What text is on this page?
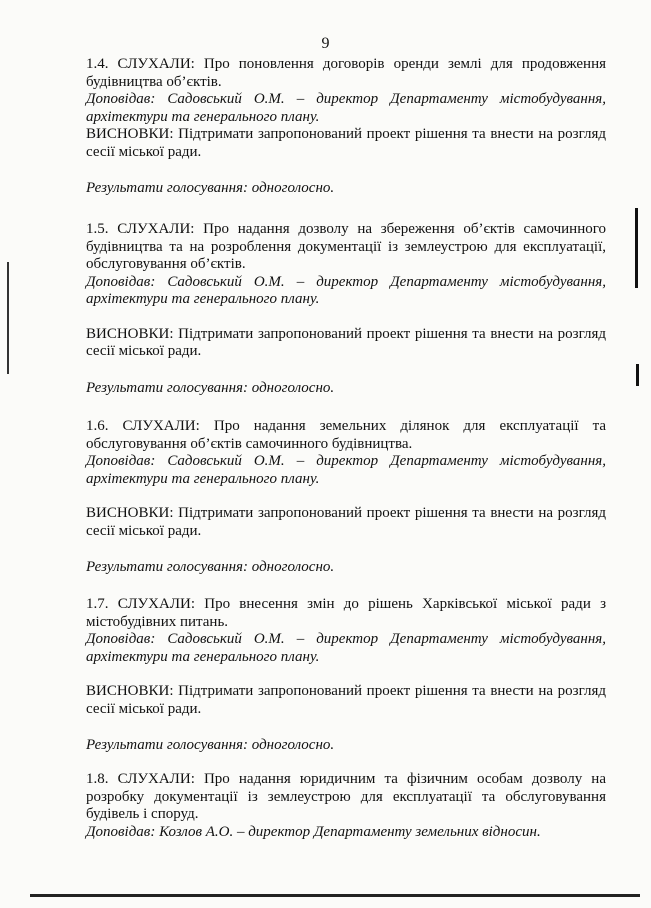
9

1.4. СЛУХАЛИ: Про поновлення договорів оренди землі для продовження будівництва об’єктів.

Доповідав: Садовський О.М. – директор Департаменту містобудування, архітектури та генерального плану.

ВИСНОВКИ: Підтримати запропонований проект рішення та внести на розгляд сесії міської ради.

Результати голосування: одноголосно.

1.5. СЛУХАЛИ: Про надання дозволу на збереження об’єктів самочинного будівництва та на розроблення документації із землеустрою для експлуатації, обслуговування об’єктів.

Доповідав: Садовський О.М. – директор Департаменту містобудування, архітектури та генерального плану.

ВИСНОВКИ: Підтримати запропонований проект рішення та внести на розгляд сесії міської ради.

Результати голосування: одноголосно.

1.6. СЛУХАЛИ: Про надання земельних ділянок для експлуатації та обслуговування об’єктів самочинного будівництва.

Доповідав: Садовський О.М. – директор Департаменту містобудування, архітектури та генерального плану.

ВИСНОВКИ: Підтримати запропонований проект рішення та внести на розгляд сесії міської ради.

Результати голосування: одноголосно.

1.7. СЛУХАЛИ: Про внесення змін до рішень Харківської міської ради з містобудівних питань.

Доповідав: Садовський О.М. – директор Департаменту містобудування, архітектури та генерального плану.

ВИСНОВКИ: Підтримати запропонований проект рішення та внести на розгляд сесії міської ради.

Результати голосування: одноголосно.

1.8. СЛУХАЛИ: Про надання юридичним та фізичним особам дозволу на розробку документації із землеустрою для експлуатації та обслуговування будівель і споруд.

Доповідав: Козлов А.О. – директор Департаменту земельних відносин.
